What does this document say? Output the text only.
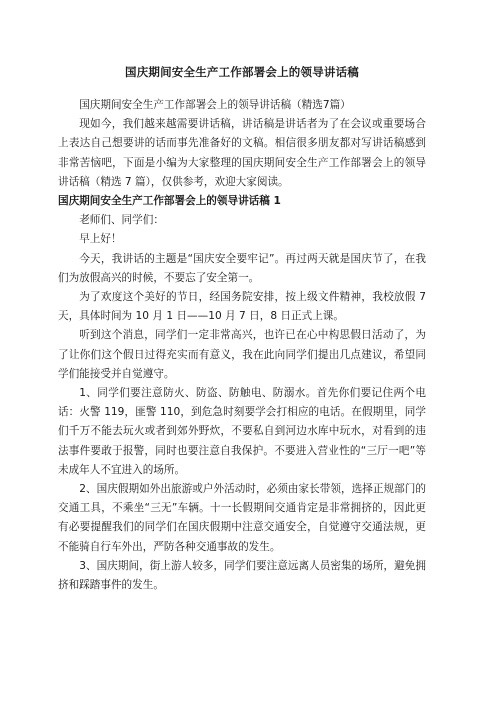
国庆期间安全生产工作部署会上的领导讲话稿

国庆期间安全生产工作部署会上的领导讲话稿（精选7篇）

现如今，我们越来越需要讲话稿，讲话稿是讲话者为了在会议或重要场合上表达自己想要讲的话而事先准备好的文稿。相信很多朋友都对写讲话稿感到非常苦恼吧，下面是小编为大家整理的国庆期间安全生产工作部署会上的领导讲话稿（精选 7 篇），仅供参考，欢迎大家阅读。

国庆期间安全生产工作部署会上的领导讲话稿 1

老师们、同学们：

早上好！

今天，我讲话的主题是“国庆安全要牢记”。再过两天就是国庆节了，在我们为放假高兴的时候，不要忘了安全第一。

为了欢度这个美好的节日，经国务院安排，按上级文件精神，我校放假 7 天，具体时间为 10 月 1 日——10 月 7 日，8 日正式上课。

听到这个消息，同学们一定非常高兴，也许已在心中构思假日活动了，为了让你们这个假日过得充实而有意义，我在此向同学们提出几点建议，希望同学们能接受并自觉遵守。

1、同学们要注意防火、防盗、防触电、防溺水。首先你们要记住两个电话：火警 119，匪警 110，到危急时刻要学会打相应的电话。在假期里，同学们千万不能去玩火或者到郊外野炊，不要私自到河边水库中玩水，对看到的违法事件要敢于报警，同时也要注意自我保护。不要进入营业性的“三厅一吧”等未成年人不宜进入的场所。

2、国庆假期如外出旅游或户外活动时，必须由家长带领，选择正规部门的交通工具，不乘坐“三无”车辆。十一长假期间交通肯定是非常拥挤的，因此更有必要提醒我们的同学们在国庆假期中注意交通安全，自觉遵守交通法规，更不能骑自行车外出，严防各种交通事故的发生。

3、国庆期间，街上游人较多，同学们要注意远离人员密集的场所，避免拥挤和踩踏事件的发生。
